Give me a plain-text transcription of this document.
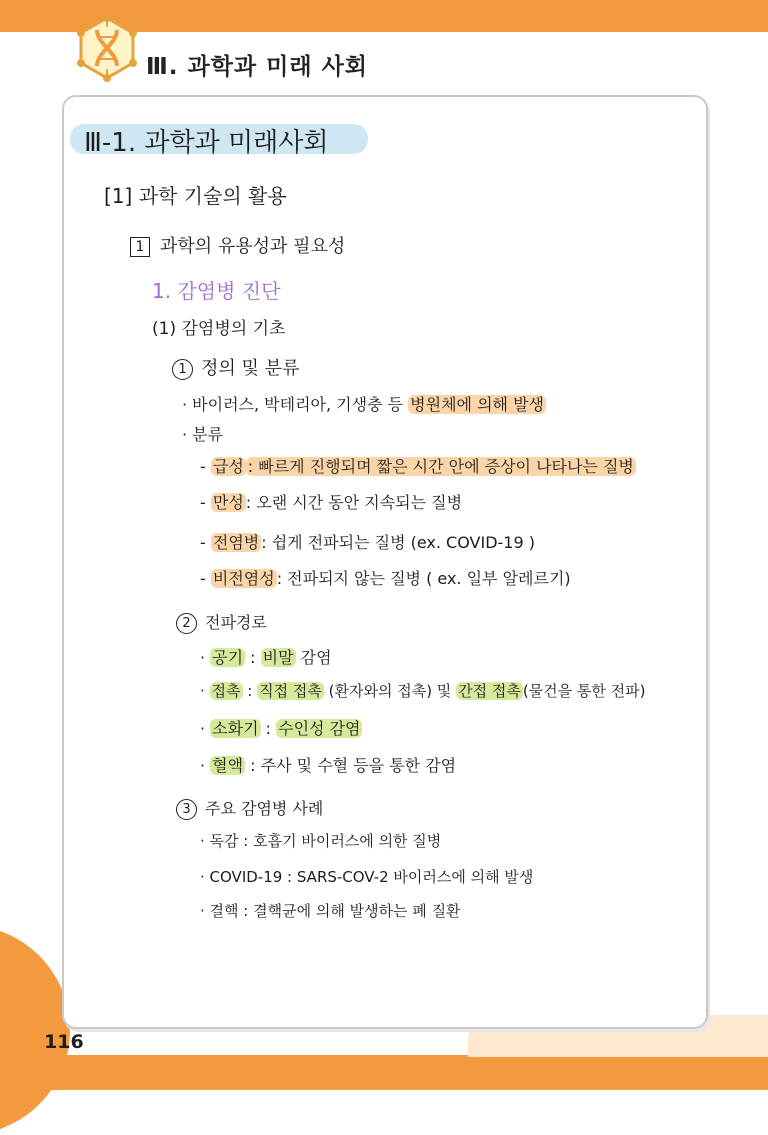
Ⅲ. 과학과 미래 사회
Ⅲ-1. 과학과 미래사회
[1] 과학 기술의 활용
1 과학의 유용성과 필요성
1. 감염병 진단
(1) 감염병의 기초
1 정의 및 분류
· 바이러스, 박테리아, 기생충 등 병원체에 의해 발생
· 분류
- 급성 : 빠르게 진행되며 짧은 시간 안에 증상이 나타나는 질병
- 만성 : 오랜 시간 동안 지속되는 질병
- 전염병 : 쉽게 전파되는 질병 (ex. COVID-19 )
- 비전염성 : 전파되지 않는 질병 ( ex. 일부 알레르기)
2 전파경로
· 공기 : 비말 감염
· 접촉 : 직접 접촉 (환자와의 접촉) 및 간접 접촉 (물건을 통한 전파)
· 소화기 : 수인성 감염
· 혈액 : 주사 및 수혈 등을 통한 감염
3 주요 감염병 사례
· 독감 : 호흡기 바이러스에 의한 질병
· COVID-19 : SARS-COV-2 바이러스에 의해 발생
· 결핵 : 결핵균에 의해 발생하는 폐 질환
116
